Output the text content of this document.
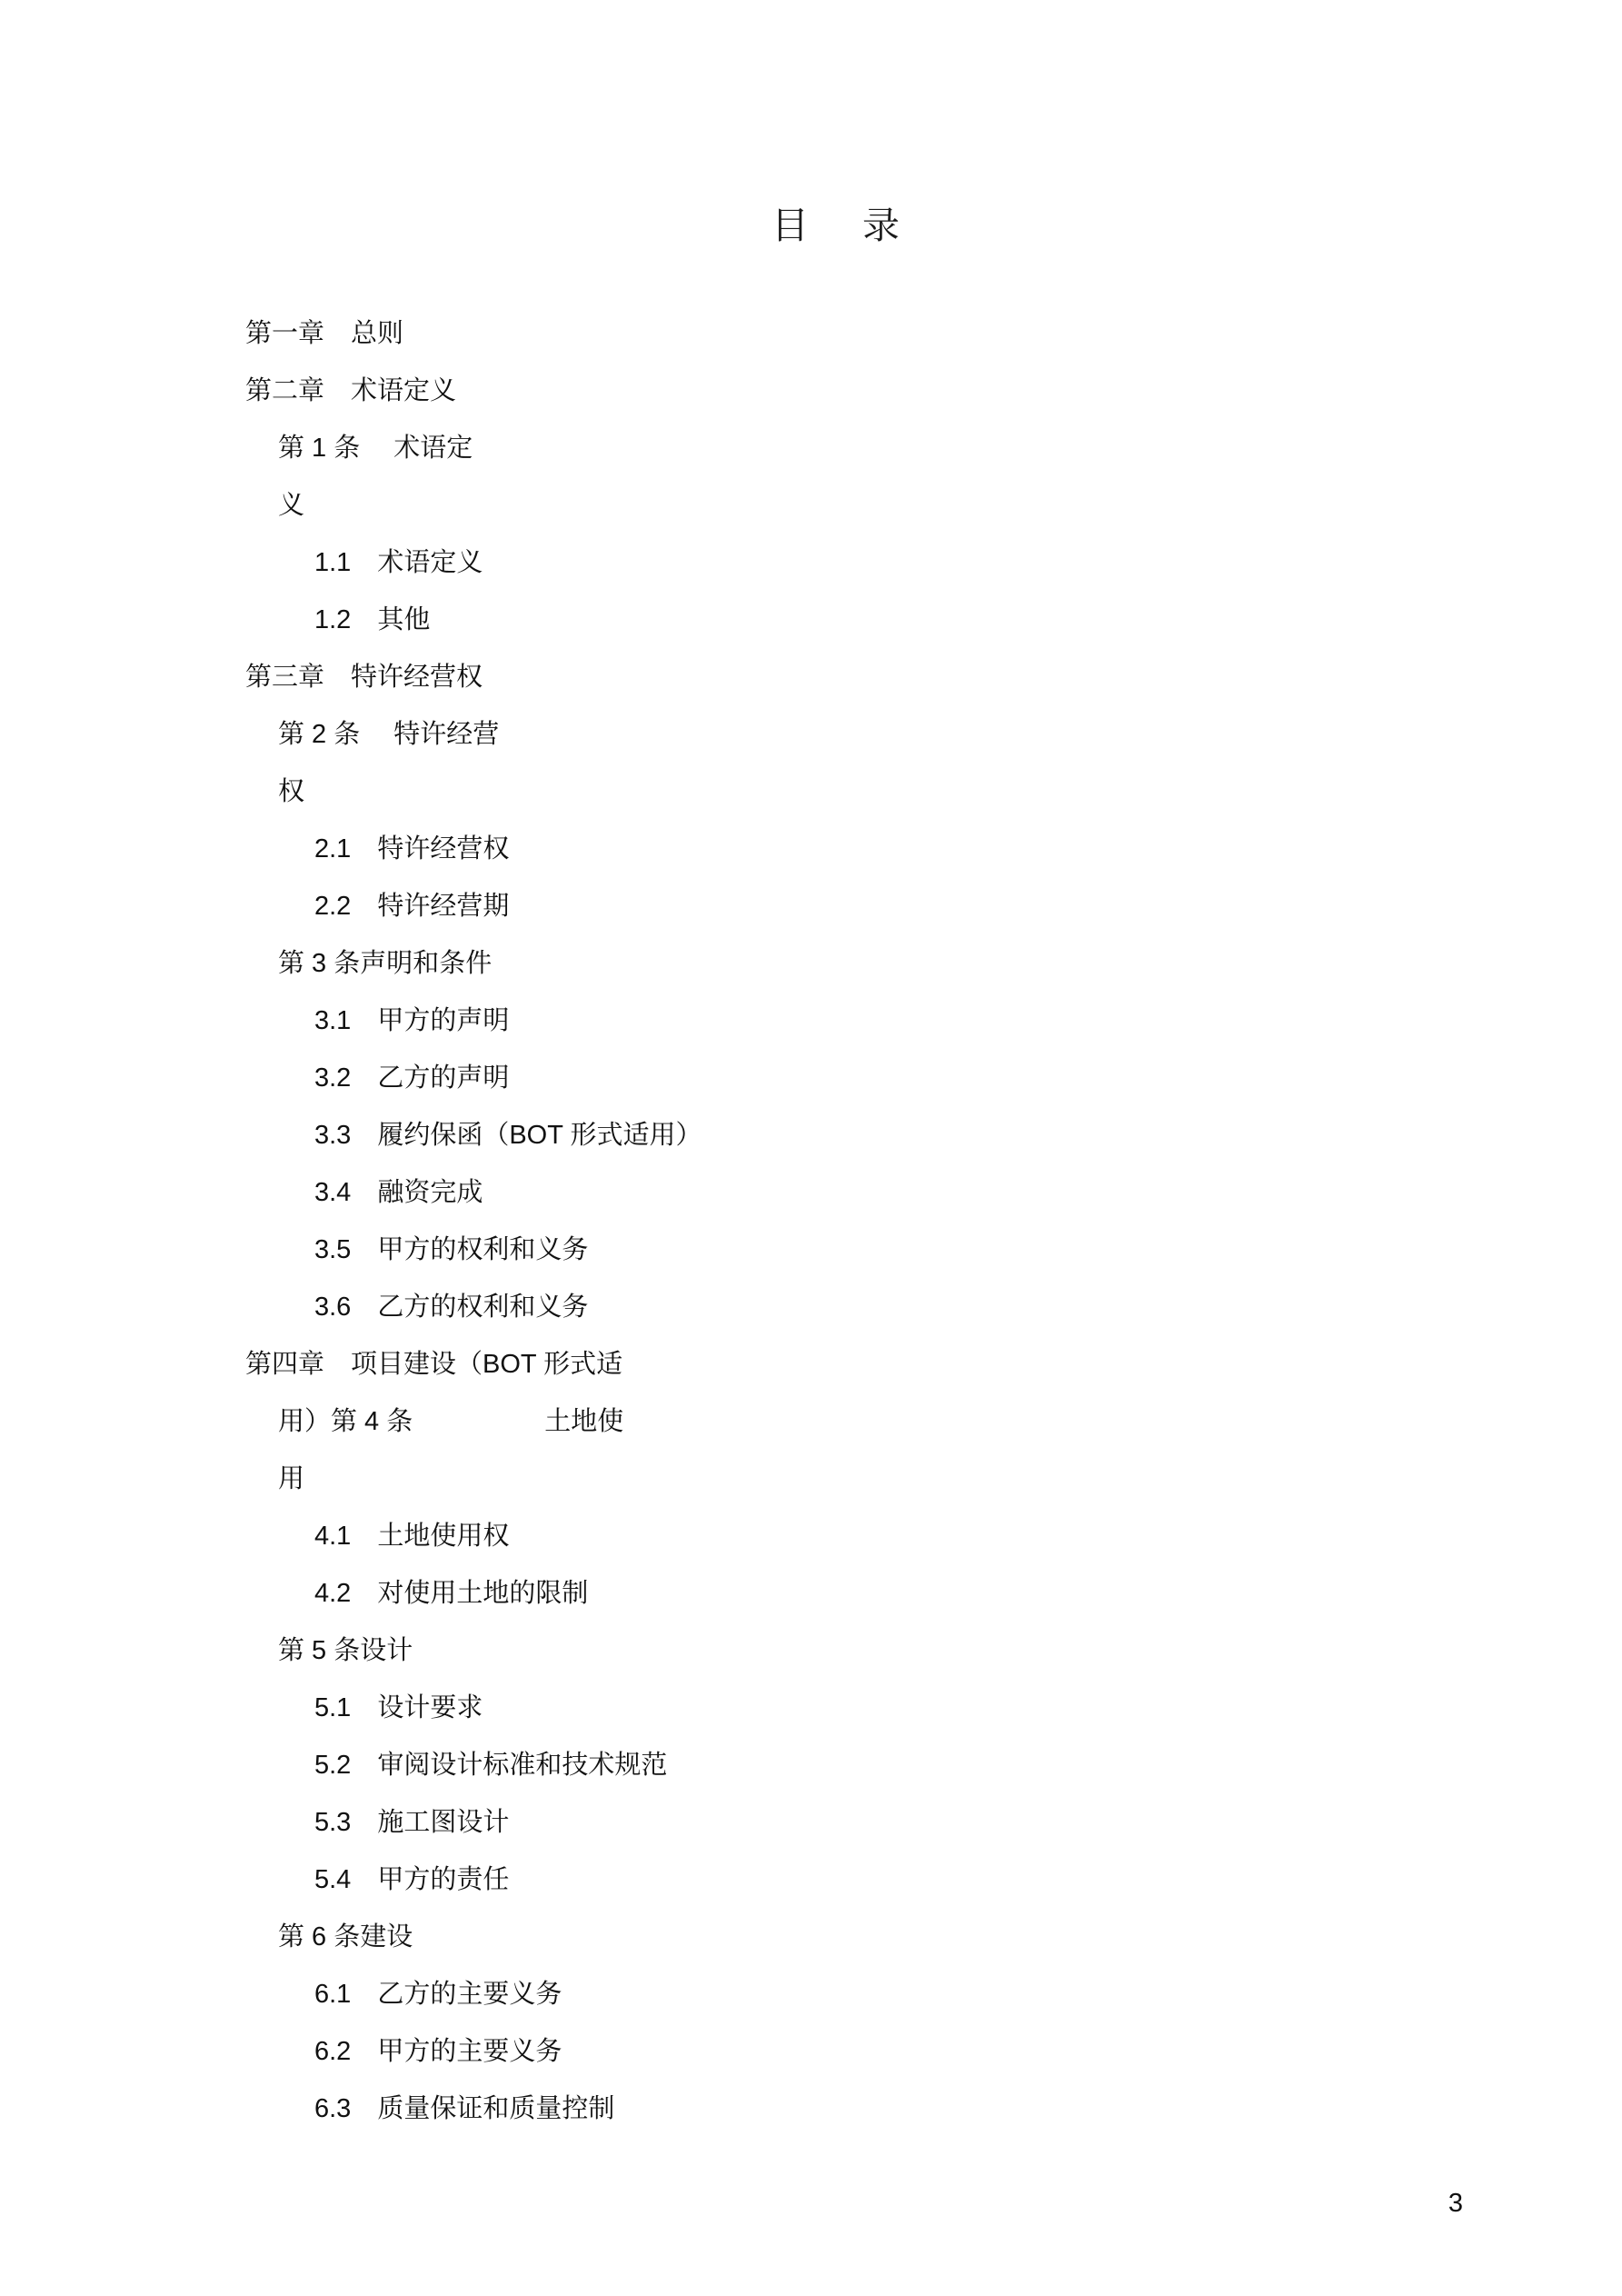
目　录
第一章　总则
第二章　术语定义
第 1 条　 术语定
义
1.1　术语定义
1.2　其他
第三章　特许经营权
第 2 条　 特许经营
权
2.1　特许经营权
2.2　特许经营期
第 3 条声明和条件
3.1　甲方的声明
3.2　乙方的声明
3.3　履约保函（BOT 形式适用）
3.4　融资完成
3.5　甲方的权利和义务
3.6　乙方的权利和义务
第四章　项目建设（BOT 形式适
用）第 4 条　　　　　土地使
用
4.1　土地使用权
4.2　对使用土地的限制
第 5 条设计
5.1　设计要求
5.2　审阅设计标准和技术规范
5.3　施工图设计
5.4　甲方的责任
第 6 条建设
6.1　乙方的主要义务
6.2　甲方的主要义务
6.3　质量保证和质量控制
3
